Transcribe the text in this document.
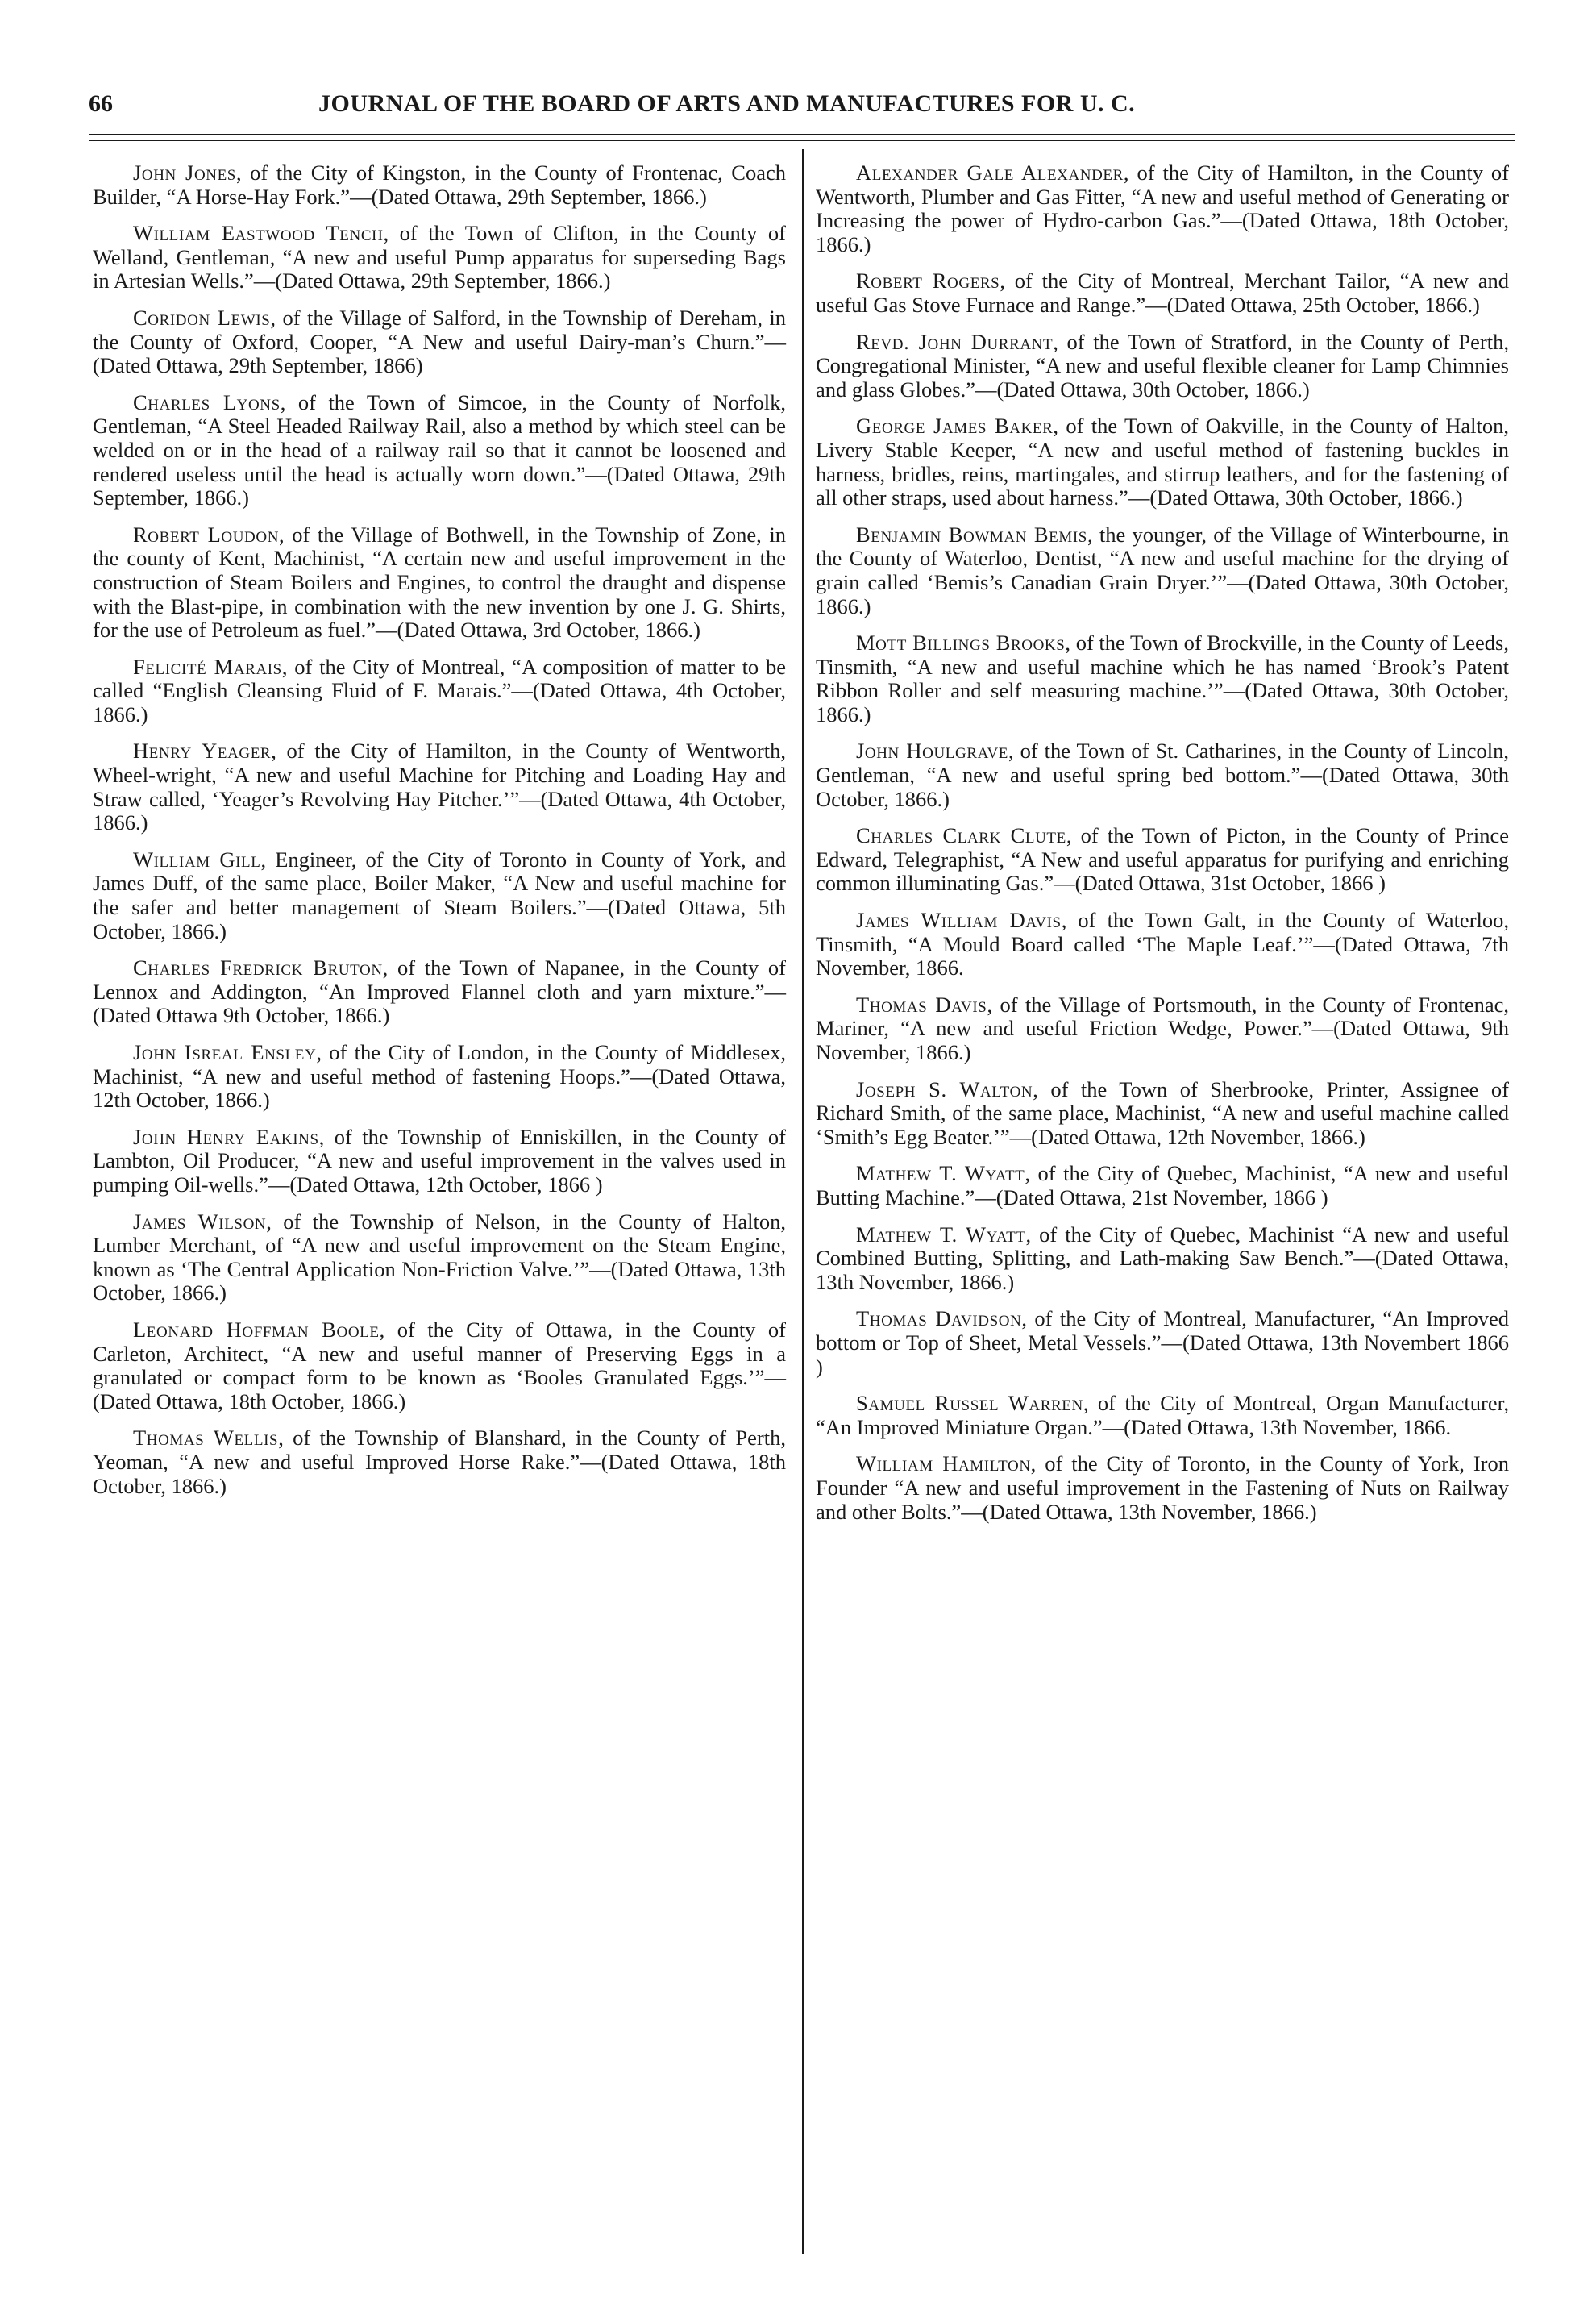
66	JOURNAL OF THE BOARD OF ARTS AND MANUFACTURES FOR U. C.

John Jones, of the City of Kingston, in the County of Frontenac, Coach Builder, “A Horse-Hay Fork.”—(Dated Ottawa, 29th September, 1866.)

William Eastwood Tench, of the Town of Clifton, in the County of Welland, Gentleman, “A new and useful Pump apparatus for superseding Bags in Artesian Wells.”—(Dated Ottawa, 29th September, 1866.)

Coridon Lewis, of the Village of Salford, in the Township of Dereham, in the County of Oxford, Cooper, “A New and useful Dairy-man’s Churn.”—(Dated Ottawa, 29th September, 1866)

Charles Lyons, of the Town of Simcoe, in the County of Norfolk, Gentleman, “A Steel Headed Railway Rail, also a method by which steel can be welded on or in the head of a railway rail so that it cannot be loosened and rendered useless until the head is actually worn down.”—(Dated Ottawa, 29th September, 1866.)

Robert Loudon, of the Village of Bothwell, in the Township of Zone, in the county of Kent, Machinist, “A certain new and useful improvement in the construction of Steam Boilers and Engines, to control the draught and dispense with the Blast-pipe, in combination with the new invention by one J. G. Shirts, for the use of Petroleum as fuel.”—(Dated Ottawa, 3rd October, 1866.)

Felicité Marais, of the City of Montreal, “A composition of matter to be called “English Cleansing Fluid of F. Marais.”—(Dated Ottawa, 4th October, 1866.)

Henry Yeager, of the City of Hamilton, in the County of Wentworth, Wheel-wright, “A new and useful Machine for Pitching and Loading Hay and Straw called, ‘Yeager’s Revolving Hay Pitcher.’”—(Dated Ottawa, 4th October, 1866.)

William Gill, Engineer, of the City of Toronto in County of York, and James Duff, of the same place, Boiler Maker, “A New and useful machine for the safer and better management of Steam Boilers.”—(Dated Ottawa, 5th October, 1866.)

Charles Fredrick Bruton, of the Town of Napanee, in the County of Lennox and Addington, “An Improved Flannel cloth and yarn mixture.”—(Dated Ottawa 9th October, 1866.)

John Isreal Ensley, of the City of London, in the County of Middlesex, Machinist, “A new and useful method of fastening Hoops.”—(Dated Ottawa, 12th October, 1866.)

John Henry Eakins, of the Township of Enniskillen, in the County of Lambton, Oil Producer, “A new and useful improvement in the valves used in pumping Oil-wells.”—(Dated Ottawa, 12th October, 1866 )

James Wilson, of the Township of Nelson, in the County of Halton, Lumber Merchant, of “A new and useful improvement on the Steam Engine, known as ‘The Central Application Non-Friction Valve.’”—(Dated Ottawa, 13th October, 1866.)

Leonard Hoffman Boole, of the City of Ottawa, in the County of Carleton, Architect, “A new and useful manner of Preserving Eggs in a granulated or compact form to be known as ‘Booles Granulated Eggs.’”—(Dated Ottawa, 18th October, 1866.)

Thomas Wellis, of the Township of Blanshard, in the County of Perth, Yeoman, “A new and useful Improved Horse Rake.”—(Dated Ottawa, 18th October, 1866.)

Alexander Gale Alexander, of the City of Hamilton, in the County of Wentworth, Plumber and Gas Fitter, “A new and useful method of Generating or Increasing the power of Hydro-carbon Gas.”—(Dated Ottawa, 18th October, 1866.)

Robert Rogers, of the City of Montreal, Merchant Tailor, “A new and useful Gas Stove Furnace and Range.”—(Dated Ottawa, 25th October, 1866.)

Revd. John Durrant, of the Town of Stratford, in the County of Perth, Congregational Minister, “A new and useful flexible cleaner for Lamp Chimnies and glass Globes.”—(Dated Ottawa, 30th October, 1866.)

George James Baker, of the Town of Oakville, in the County of Halton, Livery Stable Keeper, “A new and useful method of fastening buckles in harness, bridles, reins, martingales, and stirrup leathers, and for the fastening of all other straps, used about harness.”—(Dated Ottawa, 30th October, 1866.)

Benjamin Bowman Bemis, the younger, of the Village of Winterbourne, in the County of Waterloo, Dentist, “A new and useful machine for the drying of grain called ‘Bemis’s Canadian Grain Dryer.’”—(Dated Ottawa, 30th October, 1866.)

Mott Billings Brooks, of the Town of Brockville, in the County of Leeds, Tinsmith, “A new and useful machine which he has named ‘Brook’s Patent Ribbon Roller and self measuring machine.’”—(Dated Ottawa, 30th October, 1866.)

John Houlgrave, of the Town of St. Catharines, in the County of Lincoln, Gentleman, “A new and useful spring bed bottom.”—(Dated Ottawa, 30th October, 1866.)

Charles Clark Clute, of the Town of Picton, in the County of Prince Edward, Telegraphist, “A New and useful apparatus for purifying and enriching common illuminating Gas.”—(Dated Ottawa, 31st October, 1866 )

James William Davis, of the Town Galt, in the County of Waterloo, Tinsmith, “A Mould Board called ‘The Maple Leaf.’”—(Dated Ottawa, 7th November, 1866.

Thomas Davis, of the Village of Portsmouth, in the County of Frontenac, Mariner, “A new and useful Friction Wedge, Power.”—(Dated Ottawa, 9th November, 1866.)

Joseph S. Walton, of the Town of Sherbrooke, Printer, Assignee of Richard Smith, of the same place, Machinist, “A new and useful machine called ‘Smith’s Egg Beater.’”—(Dated Ottawa, 12th November, 1866.)

Mathew T. Wyatt, of the City of Quebec, Machinist, “A new and useful Butting Machine.”—(Dated Ottawa, 21st November, 1866 )

Mathew T. Wyatt, of the City of Quebec, Machinist “A new and useful Combined Butting, Splitting, and Lath-making Saw Bench.”—(Dated Ottawa, 13th November, 1866.)

Thomas Davidson, of the City of Montreal, Manufacturer, “An Improved bottom or Top of Sheet, Metal Vessels.”—(Dated Ottawa, 13th Novembert 1866 )

Samuel Russel Warren, of the City of Montreal, Organ Manufacturer, “An Improved Miniature Organ.”—(Dated Ottawa, 13th November, 1866.

William Hamilton, of the City of Toronto, in the County of York, Iron Founder “A new and useful improvement in the Fastening of Nuts on Railway and other Bolts.”—(Dated Ottawa, 13th November, 1866.)
